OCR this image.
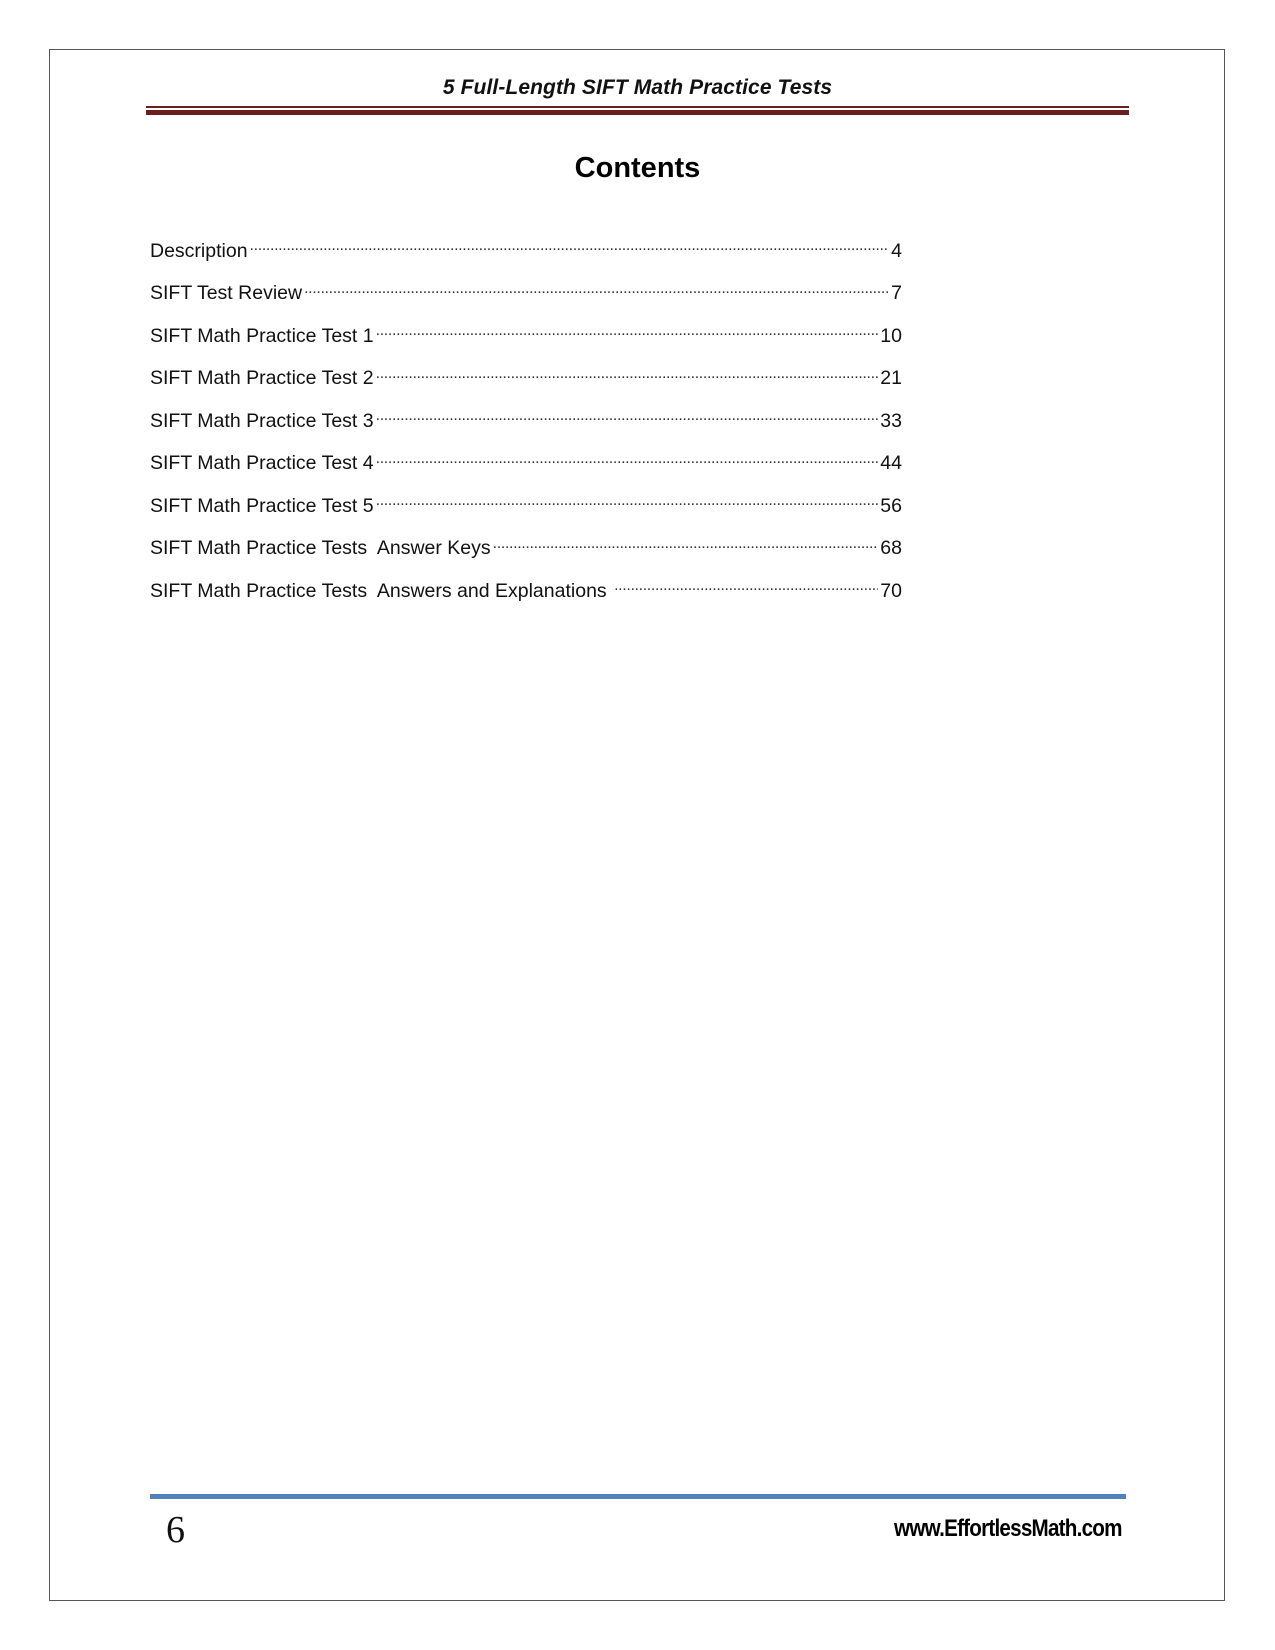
5 Full-Length SIFT Math Practice Tests
Contents
Description . . .	4
SIFT Test Review . . .	7
SIFT Math Practice Test 1 . . .	10
SIFT Math Practice Test 2 . . .	21
SIFT Math Practice Test 3 . . .	33
SIFT Math Practice Test 4 . . .	44
SIFT Math Practice Test 5 . . .	56
SIFT Math Practice Tests  Answer Keys . . .	68
SIFT Math Practice Tests  Answers and Explanations . . .	70
6	www.EffortlessMath.com
